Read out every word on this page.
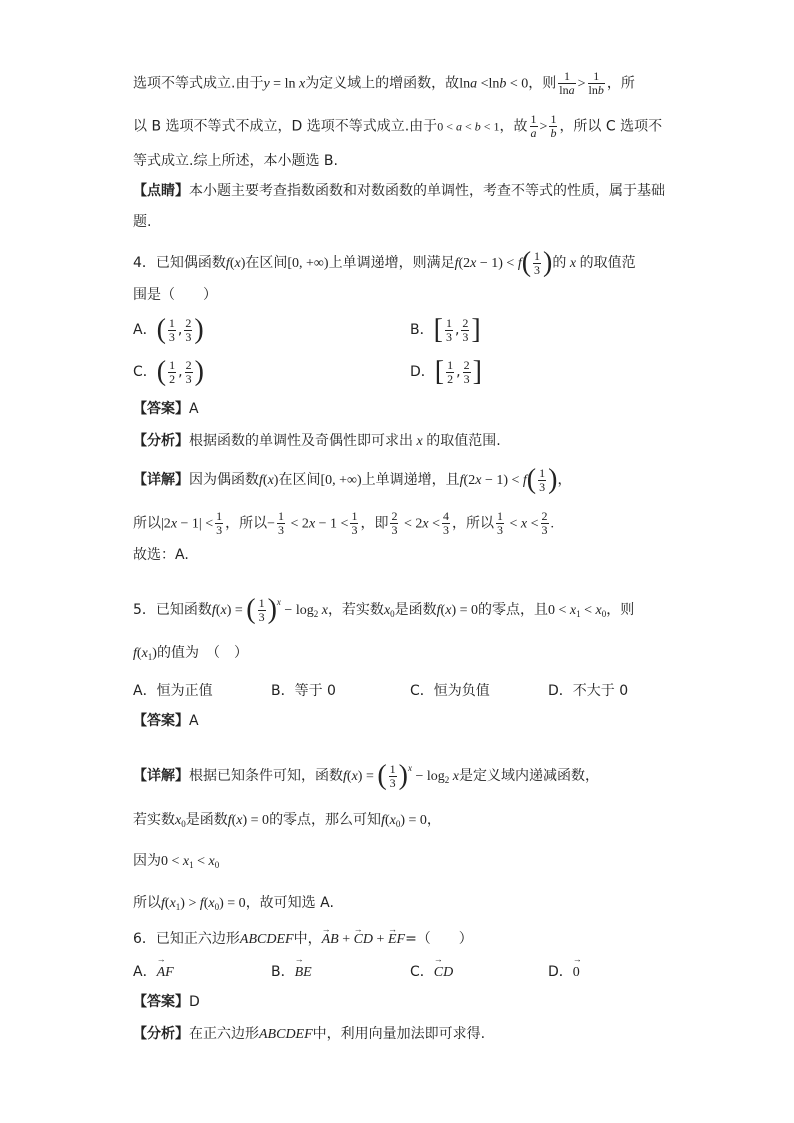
选项不等式成立.由于y = ln x为定义域上的增函数，故lna <lnb < 0，则 $\frac{1}{\ln a} > \frac{1}{\ln b}$ ，所
以 B 选项不等式不成立，D 选项不等式成立.由于0 < a < b < 1，故 $\frac{1}{a} > \frac{1}{b}$ ，所以 C 选项不
等式成立.综上所述，本小题选 B.
【点睛】本小题主要考查指数函数和对数函数的单调性，考查不等式的性质，属于基础
题.
4．已知偶函数f(x)在区间[0, +∞)上单调递增，则满足$f(2x - 1) < f( \frac{1}{3}$ )的 x 的取值范
围是（　　）
A．( $\frac{1}{3}$ , $\frac{2}{3}$ )	B．[ $\frac{1}{3}$ , $\frac{2}{3}$ ]
C．( $\frac{1}{2}$ , $\frac{2}{3}$ )	D．[ $\frac{1}{2}$ , $\frac{2}{3}$ ]
【答案】A
【分析】根据函数的单调性及奇偶性即可求出 x 的取值范围.
【详解】因为偶函数f(x)在区间[0, +∞)上单调递增，且$f(2x - 1) < f( \frac{1}{3}$ )，
所以$|2x - 1| < \frac{1}{3}$ ，所以− $\frac{1}{3} < 2x - 1 < \frac{1}{3}$ ，即 $\frac{2}{3} < 2x < \frac{4}{3}$ ，所以 $\frac{1}{3} < x < \frac{2}{3}$ .
故选：A.
5．已知函数f(x) = ( $\frac{1}{3} )^x - \log_2 x$，若实数$x_0$是函数f(x) = 0的零点，且$0 < x_1 < x_0$，则
$f(x_1)$的值为　（　）
A．恒为正值	B．等于 0	C．恒为负值	D．不大于 0
【答案】A
【详解】根据已知条件可知，函数f(x) = ( $\frac{1}{3} )^x - \log_2 x$是定义域内递减函数，
若实数$x_0$是函数f(x) = 0的零点，那么可知$f(x_0) = 0$，
因为$0 < x_1 < x_0$
所以$f(x_1) > f(x_0) = 0$，故可知选 A.
6．已知正六边形ABCDEF中，→ AB + → CD + → EF=（　　）
A．→ AF	B．→ BE	C．→ CD	D．→ 0
【答案】D
【分析】在正六边形ABCDEF中，利用向量加法即可求得.
